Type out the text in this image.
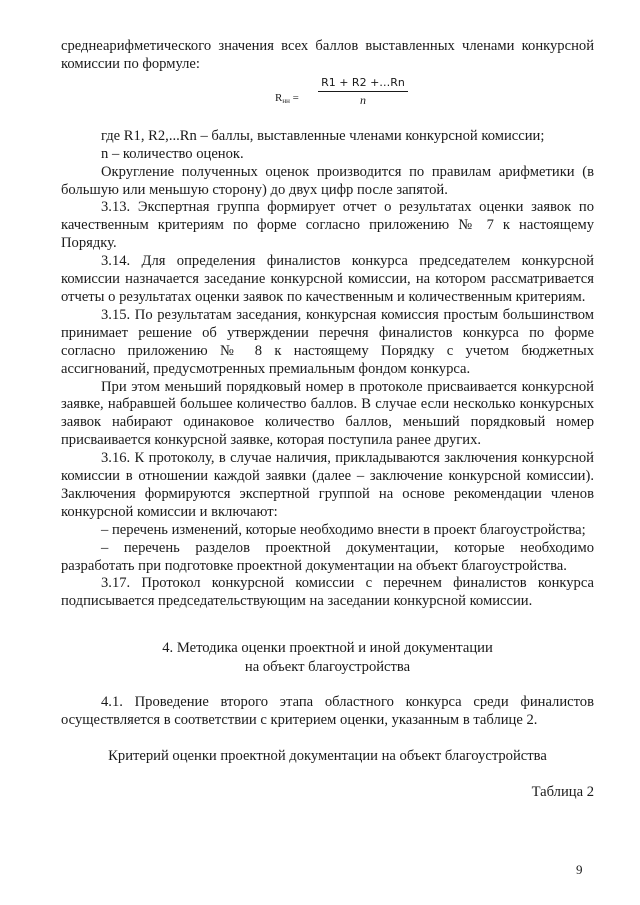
среднеарифметического значения всех баллов выставленных членами конкурсной комиссии по формуле:

$R_{нн} = \frac{R1 + R2 +\dots Rn}{n}$

где R1, R2,...Rn – баллы, выставленные членами конкурсной комиссии;

n – количество оценок.

Округление полученных оценок производится по правилам арифметики (в большую или меньшую сторону) до двух цифр после запятой.

3.13. Экспертная группа формирует отчет о результатах оценки заявок по качественным критериям по форме согласно приложению № 7 к настоящему Порядку.

3.14. Для определения финалистов конкурса председателем конкурсной комиссии назначается заседание конкурсной комиссии, на котором рассматривается отчеты о результатах оценки заявок по качественным и количественным критериям.

3.15. По результатам заседания, конкурсная комиссия простым большинством принимает решение об утверждении перечня финалистов конкурса по форме согласно приложению № 8 к настоящему Порядку с учетом бюджетных ассигнований, предусмотренных премиальным фондом конкурса.

При этом меньший порядковый номер в протоколе присваивается конкурсной заявке, набравшей большее количество баллов. В случае если несколько конкурсных заявок набирают одинаковое количество баллов, меньший порядковый номер присваивается конкурсной заявке, которая поступила ранее других.

3.16. К протоколу, в случае наличия, прикладываются заключения конкурсной комиссии в отношении каждой заявки (далее – заключение конкурсной комиссии). Заключения формируются экспертной группой на основе рекомендации членов конкурсной комиссии и включают:

– перечень изменений, которые необходимо внести в проект благоустройства;

– перечень разделов проектной документации, которые необходимо разработать при подготовке проектной документации на объект благоустройства.

3.17. Протокол конкурсной комиссии с перечнем финалистов конкурса подписывается председательствующим на заседании конкурсной комиссии.

4. Методика оценки проектной и иной документации
на объект благоустройства

4.1. Проведение второго этапа областного конкурса среди финалистов осуществляется в соответствии с критерием оценки, указанным в таблице 2.

Критерий оценки проектной документации на объект благоустройства

Таблица 2

9
